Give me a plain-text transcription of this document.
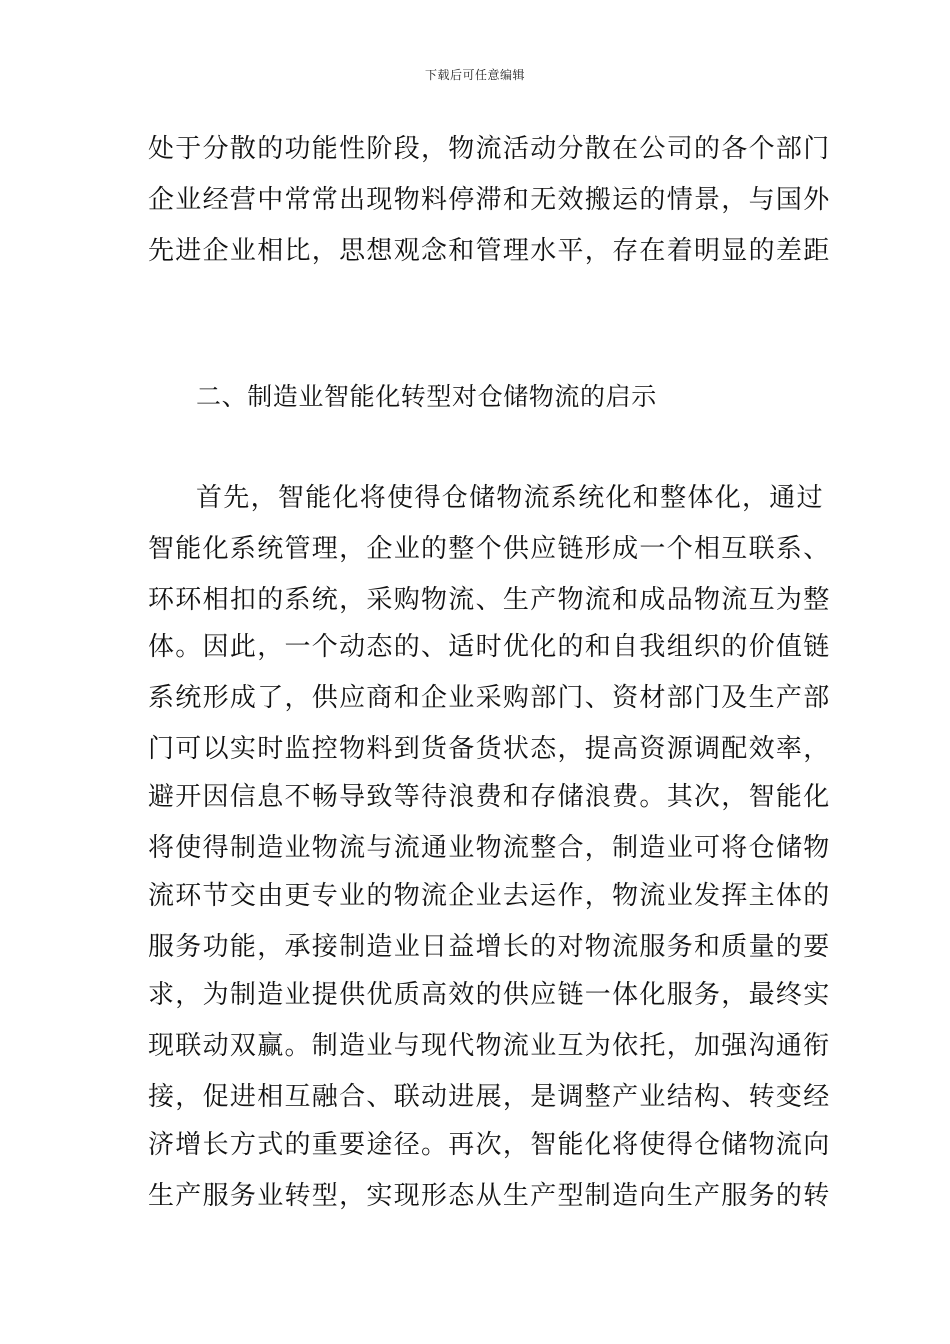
下载后可任意编辑
处于分散的功能性阶段，物流活动分散在公司的各个部门
企业经营中常常出现物料停滞和无效搬运的情景，与国外
先进企业相比，思想观念和管理水平，存在着明显的差距
二、制造业智能化转型对仓储物流的启示
首先，智能化将使得仓储物流系统化和整体化，通过
智能化系统管理，企业的整个供应链形成一个相互联系、
环环相扣的系统，采购物流、生产物流和成品物流互为整
体。因此，一个动态的、适时优化的和自我组织的价值链
系统形成了，供应商和企业采购部门、资材部门及生产部
门可以实时监控物料到货备货状态，提高资源调配效率，
避开因信息不畅导致等待浪费和存储浪费。其次，智能化
将使得制造业物流与流通业物流整合，制造业可将仓储物
流环节交由更专业的物流企业去运作，物流业发挥主体的
服务功能，承接制造业日益增长的对物流服务和质量的要
求，为制造业提供优质高效的供应链一体化服务，最终实
现联动双赢。制造业与现代物流业互为依托，加强沟通衔
接，促进相互融合、联动进展，是调整产业结构、转变经
济增长方式的重要途径。再次，智能化将使得仓储物流向
生产服务业转型，实现形态从生产型制造向生产服务的转
